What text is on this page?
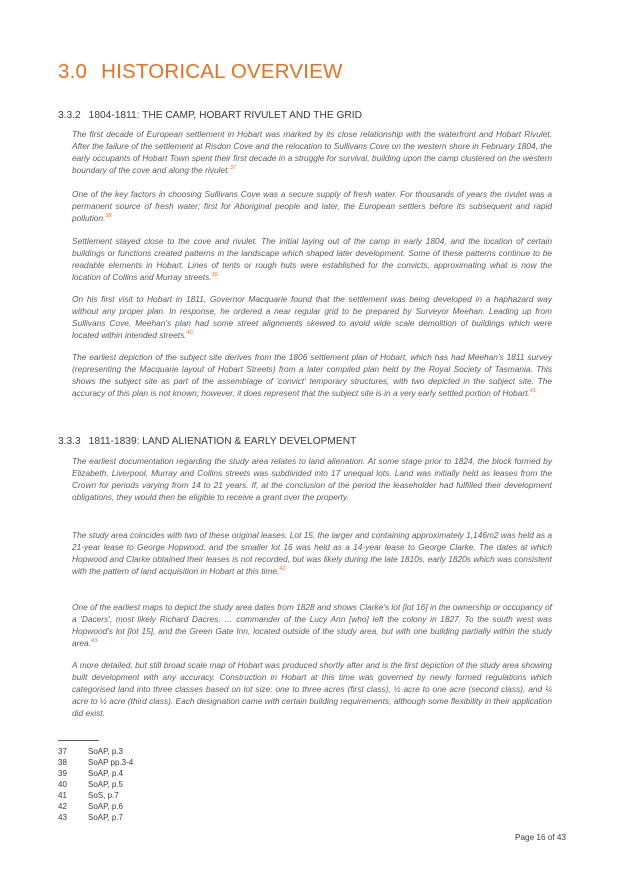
3.0 HISTORICAL OVERVIEW
3.3.2 1804-1811: THE CAMP, HOBART RIVULET AND THE GRID

The first decade of European settlement in Hobart was marked by its close relationship with the waterfront and Hobart Rivulet. After the failure of the settlement at Risdon Cove and the relocation to Sullivans Cove on the western shore in February 1804, the early occupants of Hobart Town spent their first decade in a struggle for survival, building upon the camp clustered on the western boundary of the cove and along the rivulet.$^{37}$

One of the key factors in choosing Sullivans Cove was a secure supply of fresh water. For thousands of years the rivulet was a permanent source of fresh water; first for Aboriginal people and later, the European settlers before its subsequent and rapid pollution.$^{38}$

Settlement stayed close to the cove and rivulet. The initial laying out of the camp in early 1804, and the location of certain buildings or functions created patterns in the landscape which shaped later development. Some of these patterns continue to be readable elements in Hobart. Lines of tents or rough huts were established for the convicts, approximating what is now the location of Collins and Murray streets.$^{39}$

On his first visit to Hobart in 1811, Governor Macquarie found that the settlement was being developed in a haphazard way without any proper plan. In response, he ordered a near regular grid to be prepared by Surveyor Meehan. Leading up from Sullivans Cove, Meehan's plan had some street alignments skewed to avoid wide scale demolition of buildings which were located within intended streets.$^{40}$

The earliest depiction of the subject site derives from the 1806 settlement plan of Hobart, which has had Meehan's 1811 survey (representing the Macquarie layout of Hobart Streets) from a later compiled plan held by the Royal Society of Tasmania. This shows the subject site as part of the assemblage of 'convict' temporary structures, with two depicted in the subject site. The accuracy of this plan is not known; however, it does represent that the subject site is in a very early settled portion of Hobart.$^{41}$

3.3.3 1811-1839: LAND ALIENATION & EARLY DEVELOPMENT

The earliest documentation regarding the study area relates to land alienation. At some stage prior to 1824, the block formed by Elizabeth, Liverpool, Murray and Collins streets was subdivided into 17 unequal lots. Land was initially held as leases from the Crown for periods varying from 14 to 21 years. If, at the conclusion of the period the leaseholder had fulfilled their development obligations, they would then be eligible to receive a grant over the property.

The study area coincides with two of these original leases. Lot 15, the larger and containing approximately 1,146m2 was held as a 21-year lease to George Hopwood, and the smaller lot 16 was held as a 14-year lease to George Clarke. The dates at which Hopwood and Clarke obtained their leases is not recorded, but was likely during the late 1810s, early 1820s which was consistent with the pattern of land acquisition in Hobart at this time.$^{42}$

One of the earliest maps to depict the study area dates from 1828 and shows Clarke's lot [lot 16] in the ownership or occupancy of a 'Dacers', most likely Richard Dacres, … commander of the Lucy Ann [who] left the colony in 1827. To the south west was Hopwood's lot [lot 15], and the Green Gate Inn, located outside of the study area, but with one building partially within the study area.$^{43}$

A more detailed, but still broad scale map of Hobart was produced shortly after and is the first depiction of the study area showing built development with any accuracy. Construction in Hobart at this time was governed by newly formed regulations which categorised land into three classes based on lot size: one to three acres (first class), ½ acre to one acre (second class), and ¼ acre to ½ acre (third class). Each designation came with certain building requirements, although some flexibility in their application did exist.

37	SoAP, p.3
38	SoAP pp.3-4
39	SoAP, p.4
40	SoAP, p.5
41	SoS, p.7
42	SoAP, p.6
43	SoAP, p.7
Page 16 of 43
